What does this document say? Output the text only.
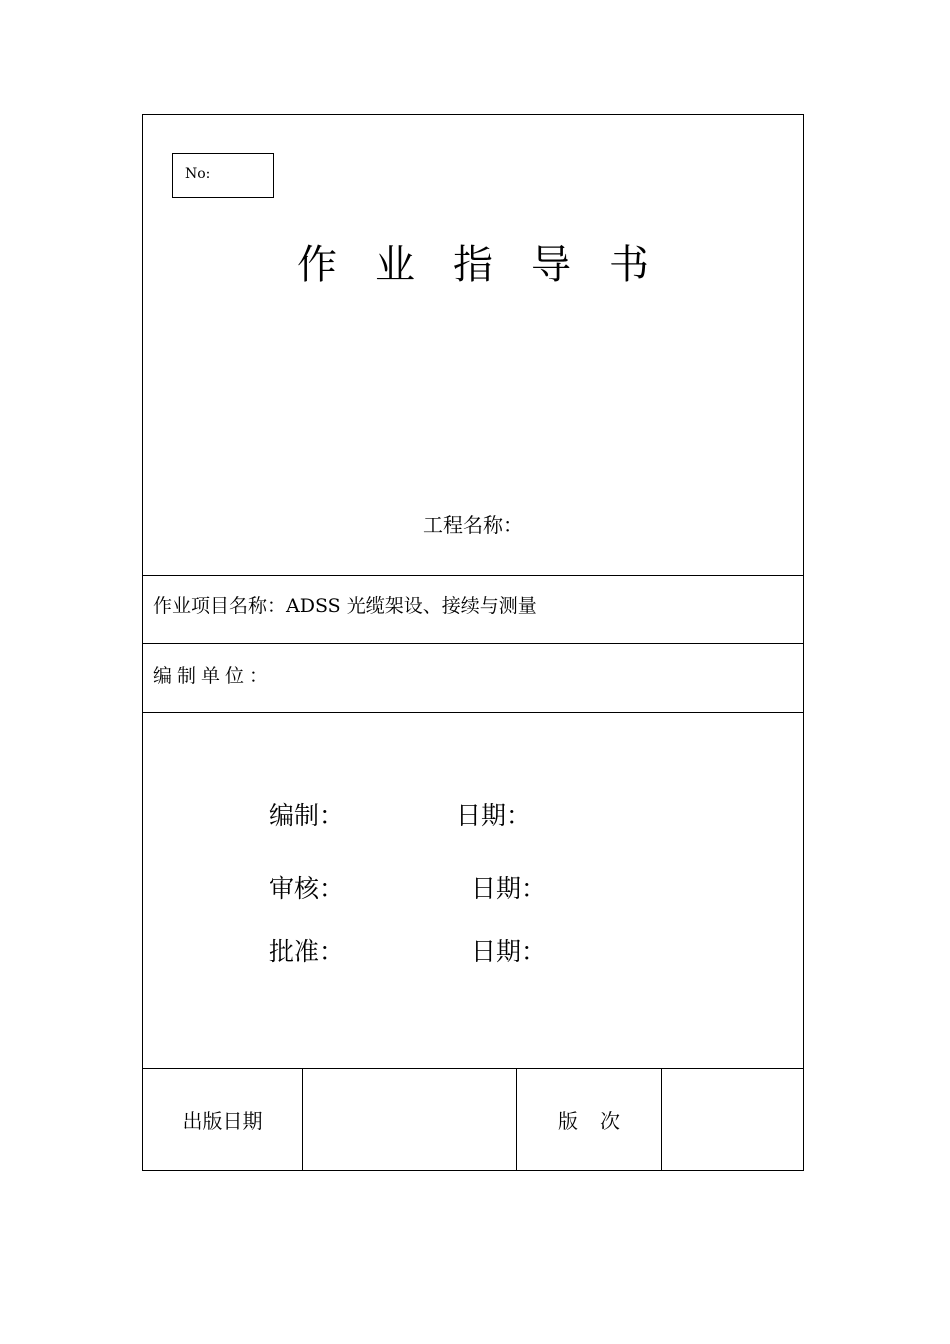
No:
作业指导书
工程名称：
作业项目名称：ADSS 光缆架设、接续与测量
编制单位：
编制：	日期：
审核：	日期：
批准：	日期：
出版日期	版次
